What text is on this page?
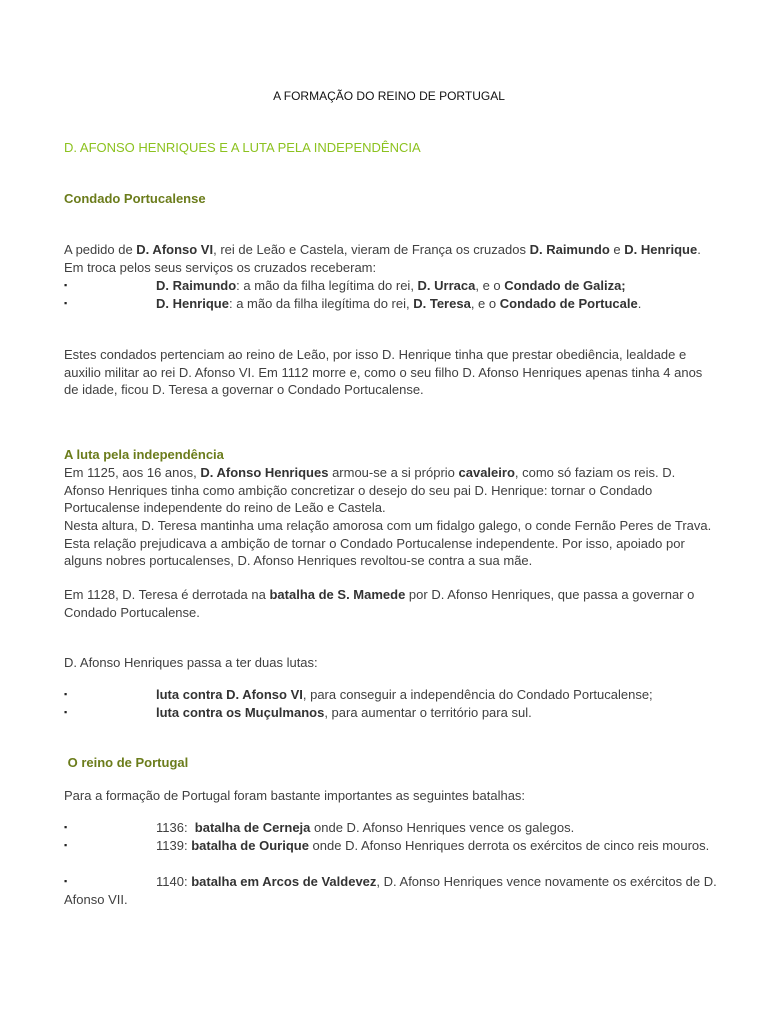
A FORMAÇÃO DO REINO DE PORTUGAL
D. AFONSO HENRIQUES E A LUTA PELA INDEPENDÊNCIA
Condado Portucalense
A pedido de D. Afonso VI, rei de Leão e Castela, vieram de França os cruzados D. Raimundo e D. Henrique. Em troca pelos seus serviços os cruzados receberam:
▪	D. Raimundo: a mão da filha legítima do rei, D. Urraca, e o Condado de Galiza;
▪	D. Henrique: a mão da filha ilegítima do rei, D. Teresa, e o Condado de Portucale.
Estes condados pertenciam ao reino de Leão, por isso D. Henrique tinha que prestar obediência, lealdade e auxilio militar ao rei D. Afonso VI. Em 1112 morre e, como o seu filho D. Afonso Henriques apenas tinha 4 anos de idade, ficou D. Teresa a governar o Condado Portucalense.
A luta pela independência
Em 1125, aos 16 anos, D. Afonso Henriques armou-se a si próprio cavaleiro, como só faziam os reis. D. Afonso Henriques tinha como ambição concretizar o desejo do seu pai D. Henrique: tornar o Condado Portucalense independente do reino de Leão e Castela.
Nesta altura, D. Teresa mantinha uma relação amorosa com um fidalgo galego, o conde Fernão Peres de Trava. Esta relação prejudicava a ambição de tornar o Condado Portucalense independente. Por isso, apoiado por alguns nobres portucalenses, D. Afonso Henriques revoltou-se contra a sua mãe.
Em 1128, D. Teresa é derrotada na batalha de S. Mamede por D. Afonso Henriques, que passa a governar o Condado Portucalense.
D. Afonso Henriques passa a ter duas lutas:
▪	luta contra D. Afonso VI, para conseguir a independência do Condado Portucalense;
▪	luta contra os Muçulmanos, para aumentar o território para sul.
O reino de Portugal
Para a formação de Portugal foram bastante importantes as seguintes batalhas:
▪	1136:  batalha de Cerneja onde D. Afonso Henriques vence os galegos.
▪	1139: batalha de Ourique onde D. Afonso Henriques derrota os exércitos de cinco reis mouros.
▪	1140: batalha em Arcos de Valdevez, D. Afonso Henriques vence novamente os exércitos de D. Afonso VII.
